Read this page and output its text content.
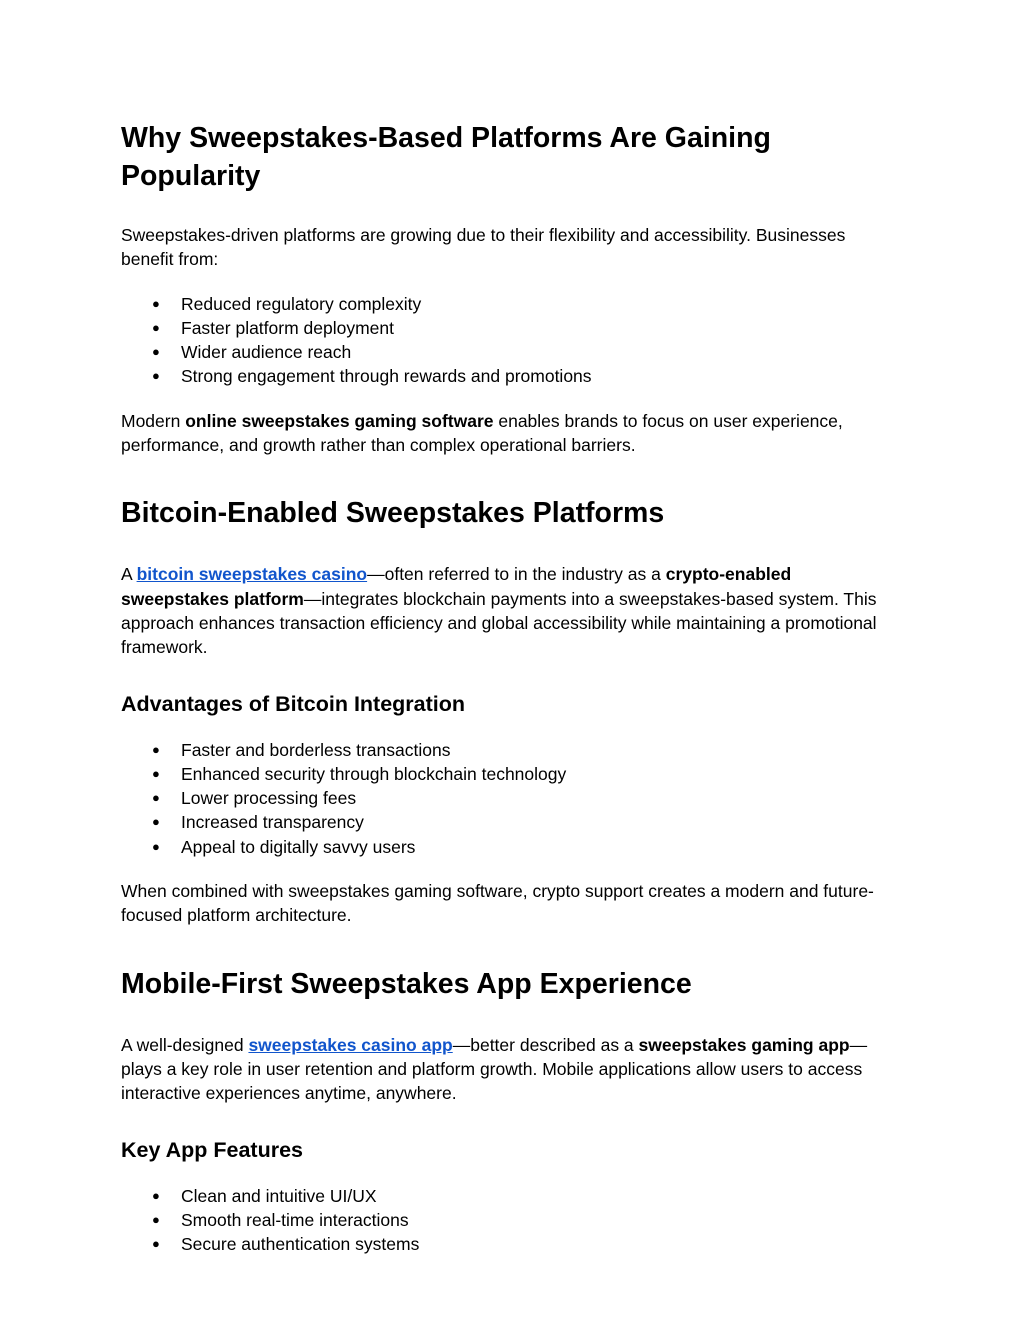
Why Sweepstakes-Based Platforms Are Gaining Popularity

Sweepstakes-driven platforms are growing due to their flexibility and accessibility. Businesses benefit from:

● Reduced regulatory complexity
● Faster platform deployment
● Wider audience reach
● Strong engagement through rewards and promotions

Modern online sweepstakes gaming software enables brands to focus on user experience, performance, and growth rather than complex operational barriers.

Bitcoin-Enabled Sweepstakes Platforms

A bitcoin sweepstakes casino—often referred to in the industry as a crypto-enabled sweepstakes platform—integrates blockchain payments into a sweepstakes-based system. This approach enhances transaction efficiency and global accessibility while maintaining a promotional framework.

Advantages of Bitcoin Integration
● Faster and borderless transactions
● Enhanced security through blockchain technology
● Lower processing fees
● Increased transparency
● Appeal to digitally savvy users

When combined with sweepstakes gaming software, crypto support creates a modern and future-focused platform architecture.

Mobile-First Sweepstakes App Experience

A well-designed sweepstakes casino app—better described as a sweepstakes gaming app—plays a key role in user retention and platform growth. Mobile applications allow users to access interactive experiences anytime, anywhere.

Key App Features
● Clean and intuitive UI/UX
● Smooth real-time interactions
● Secure authentication systems
